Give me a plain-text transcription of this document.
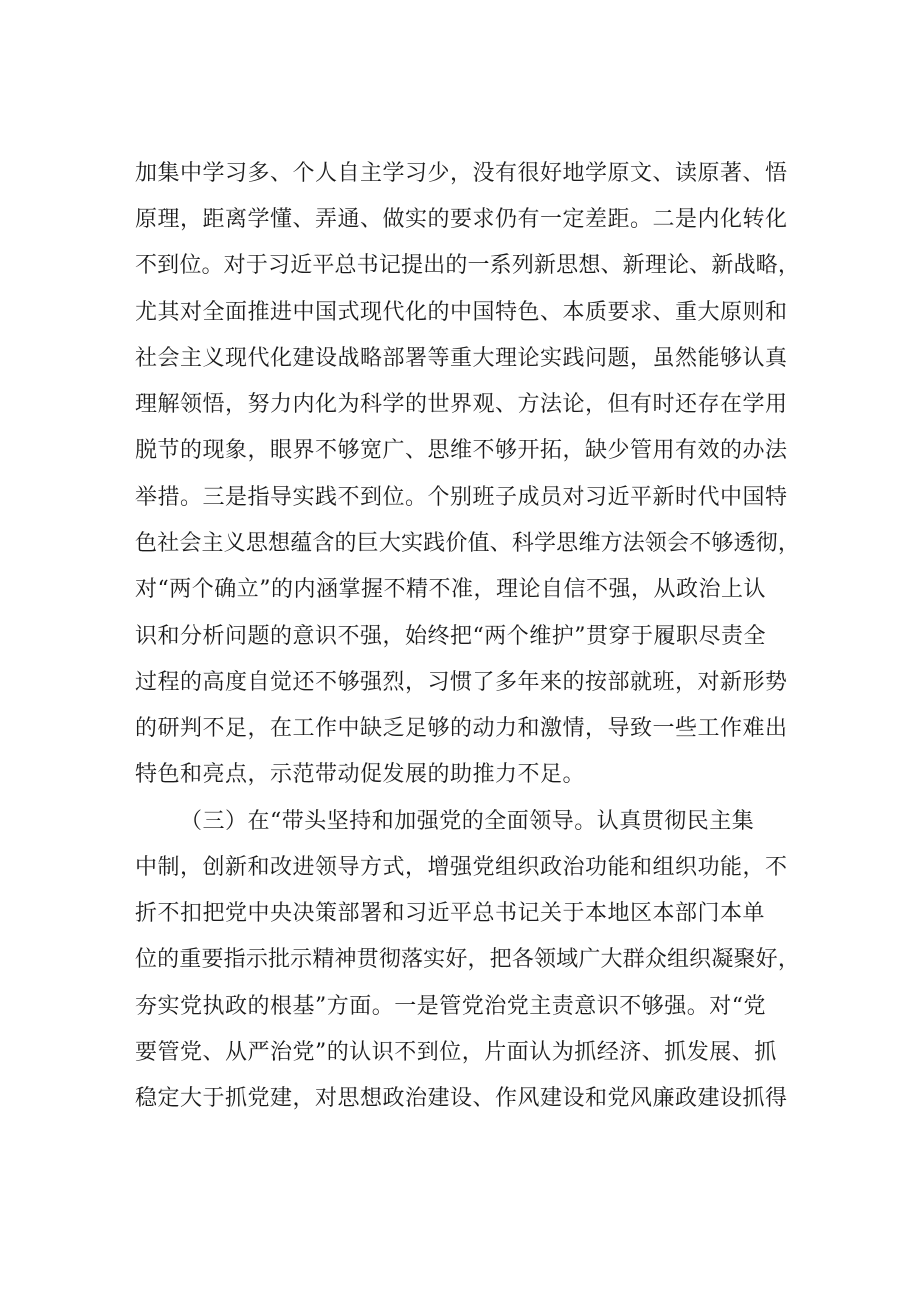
加集中学习多、个人自主学习少，没有很好地学原文、读原著、悟
原理，距离学懂、弄通、做实的要求仍有一定差距。二是内化转化
不到位。对于习近平总书记提出的一系列新思想、新理论、新战略，
尤其对全面推进中国式现代化的中国特色、本质要求、重大原则和
社会主义现代化建设战略部署等重大理论实践问题，虽然能够认真
理解领悟，努力内化为科学的世界观、方法论，但有时还存在学用
脱节的现象，眼界不够宽广、思维不够开拓，缺少管用有效的办法
举措。三是指导实践不到位。个别班子成员对习近平新时代中国特
色社会主义思想蕴含的巨大实践价值、科学思维方法领会不够透彻，
对“两个确立”的内涵掌握不精不准，理论自信不强，从政治上认
识和分析问题的意识不强，始终把“两个维护”贯穿于履职尽责全
过程的高度自觉还不够强烈，习惯了多年来的按部就班，对新形势
的研判不足，在工作中缺乏足够的动力和激情，导致一些工作难出
特色和亮点，示范带动促发展的助推力不足。
（三）在“带头坚持和加强党的全面领导。认真贯彻民主集
中制，创新和改进领导方式，增强党组织政治功能和组织功能，不
折不扣把党中央决策部署和习近平总书记关于本地区本部门本单
位的重要指示批示精神贯彻落实好，把各领域广大群众组织凝聚好，
夯实党执政的根基”方面。一是管党治党主责意识不够强。对“党
要管党、从严治党”的认识不到位，片面认为抓经济、抓发展、抓
稳定大于抓党建，对思想政治建设、作风建设和党风廉政建设抓得
